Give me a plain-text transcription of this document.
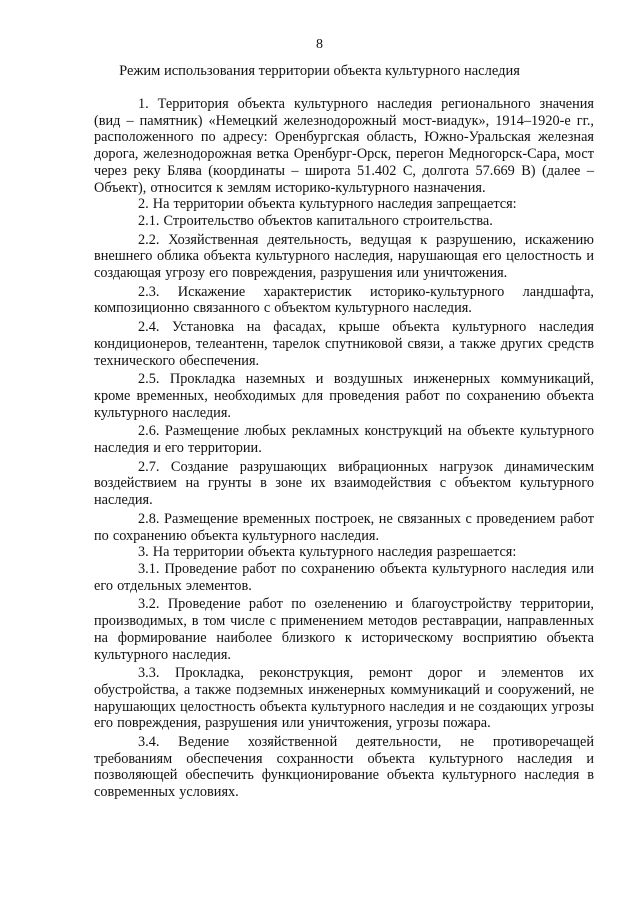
8
Режим использования территории объекта культурного наследия

1. Территория объекта культурного наследия регионального значения (вид – памятник) «Немецкий железнодорожный мост-виадук», 1914–1920-е гг., расположенного по адресу: Оренбургская область, Южно-Уральская железная дорога, железнодорожная ветка Оренбург-Орск, перегон Медногорск-Сара, мост через реку Блява (координаты – широта 51.402 С, долгота 57.669 В) (далее – Объект), относится к землям историко-культурного назначения.

2. На территории объекта культурного наследия запрещается:

2.1. Строительство объектов капитального строительства.

2.2. Хозяйственная деятельность, ведущая к разрушению, искажению внешнего облика объекта культурного наследия, нарушающая его целостность и создающая угрозу его повреждения, разрушения или уничтожения.

2.3. Искажение характеристик историко-культурного ландшафта, композиционно связанного с объектом культурного наследия.

2.4. Установка на фасадах, крыше объекта культурного наследия кондиционеров, телеантенн, тарелок спутниковой связи, а также других средств технического обеспечения.

2.5. Прокладка наземных и воздушных инженерных коммуникаций, кроме временных, необходимых для проведения работ по сохранению объекта культурного наследия.

2.6. Размещение любых рекламных конструкций на объекте культурного наследия и его территории.

2.7. Создание разрушающих вибрационных нагрузок динамическим воздействием на грунты в зоне их взаимодействия с объектом культурного наследия.

2.8. Размещение временных построек, не связанных с проведением работ по сохранению объекта культурного наследия.

3. На территории объекта культурного наследия разрешается:

3.1. Проведение работ по сохранению объекта культурного наследия или его отдельных элементов.

3.2. Проведение работ по озеленению и благоустройству территории, производимых, в том числе с применением методов реставрации, направленных на формирование наиболее близкого к историческому восприятию объекта культурного наследия.

3.3. Прокладка, реконструкция, ремонт дорог и элементов их обустройства, а также подземных инженерных коммуникаций и сооружений, не нарушающих целостность объекта культурного наследия и не создающих угрозы его повреждения, разрушения или уничтожения, угрозы пожара.

3.4. Ведение хозяйственной деятельности, не противоречащей требованиям обеспечения сохранности объекта культурного наследия и позволяющей обеспечить функционирование объекта культурного наследия в современных условиях.
